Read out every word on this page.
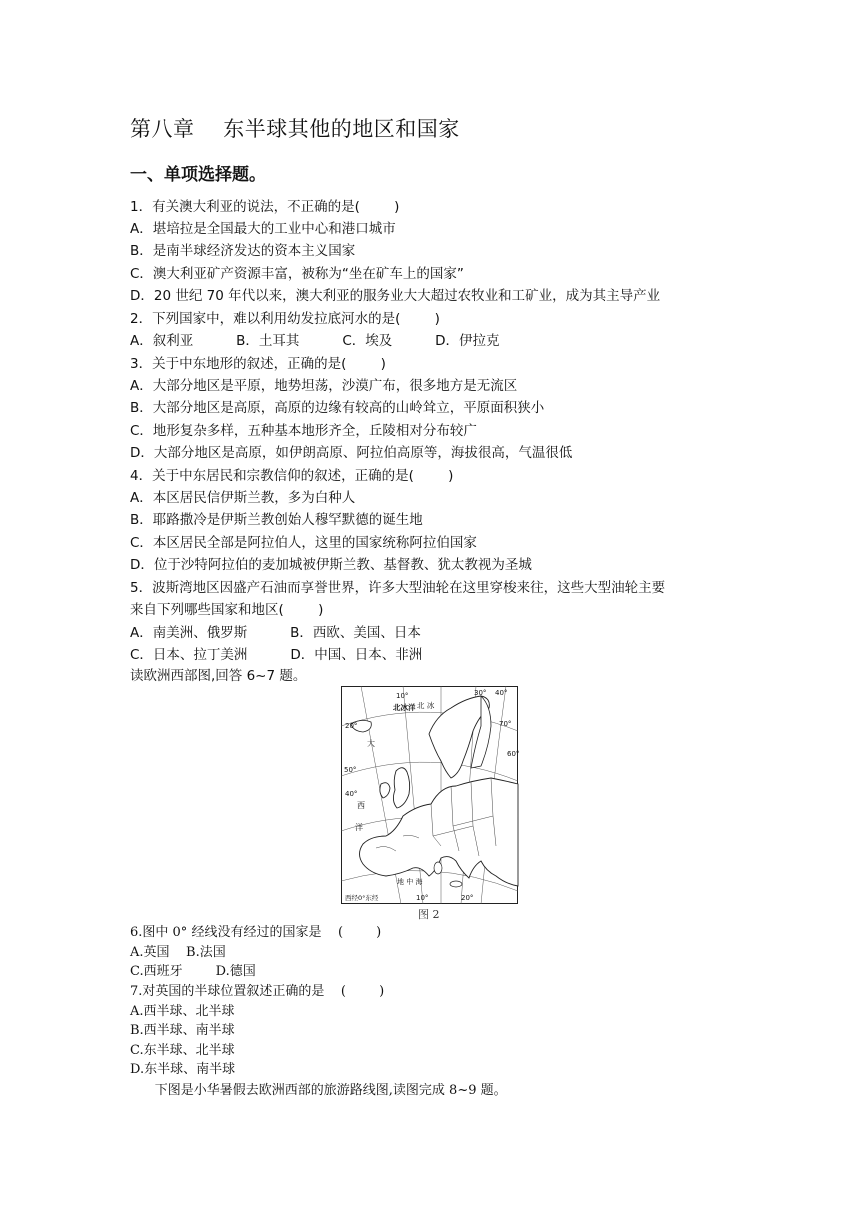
第八章    东半球其他的地区和国家
一、单项选择题。
1．有关澳大利亚的说法，不正确的是(        )
A．堪培拉是全国最大的工业中心和港口城市
B．是南半球经济发达的资本主义国家
C．澳大利亚矿产资源丰富，被称为“坐在矿车上的国家”
D．20 世纪 70 年代以来，澳大利亚的服务业大大超过农牧业和工矿业，成为其主导产业
2．下列国家中，难以利用幼发拉底河水的是(        )
A．叙利亚          B．土耳其          C．埃及          D．伊拉克
3．关于中东地形的叙述，正确的是(        )
A．大部分地区是平原，地势坦荡，沙漠广布，很多地方是无流区
B．大部分地区是高原，高原的边缘有较高的山岭耸立，平原面积狭小
C．地形复杂多样，五种基本地形齐全，丘陵相对分布较广
D．大部分地区是高原，如伊朗高原、阿拉伯高原等，海拔很高，气温很低
4．关于中东居民和宗教信仰的叙述，正确的是(        )
A．本区居民信伊斯兰教，多为白种人
B．耶路撒冷是伊斯兰教创始人穆罕默德的诞生地
C．本区居民全部是阿拉伯人，这里的国家统称阿拉伯国家
D．位于沙特阿拉伯的麦加城被伊斯兰教、基督教、犹太教视为圣城
5．波斯湾地区因盛产石油而享誉世界，许多大型油轮在这里穿梭来往，这些大型油轮主要
来自下列哪些国家和地区(        )
A．南美洲、俄罗斯          B．西欧、美国、日本
C．日本、拉丁美洲          D．中国、日本、非洲
读欧洲西部图,回答 6~7 题。
10°	30° 40°
北冰洋 北 冰
70°
60°
20°
大
西
洋
50°
40°
地 中 海
西经0°东经	10°	20°
图 2
6.图中 0° 经线没有经过的国家是    (        )
A.英国    B.法国
C.西班牙        D.德国
7.对英国的半球位置叙述正确的是    (        )
A.西半球、北半球
B.西半球、南半球
C.东半球、北半球
D.东半球、南半球
下图是小华暑假去欧洲西部的旅游路线图,读图完成 8~9 题。
